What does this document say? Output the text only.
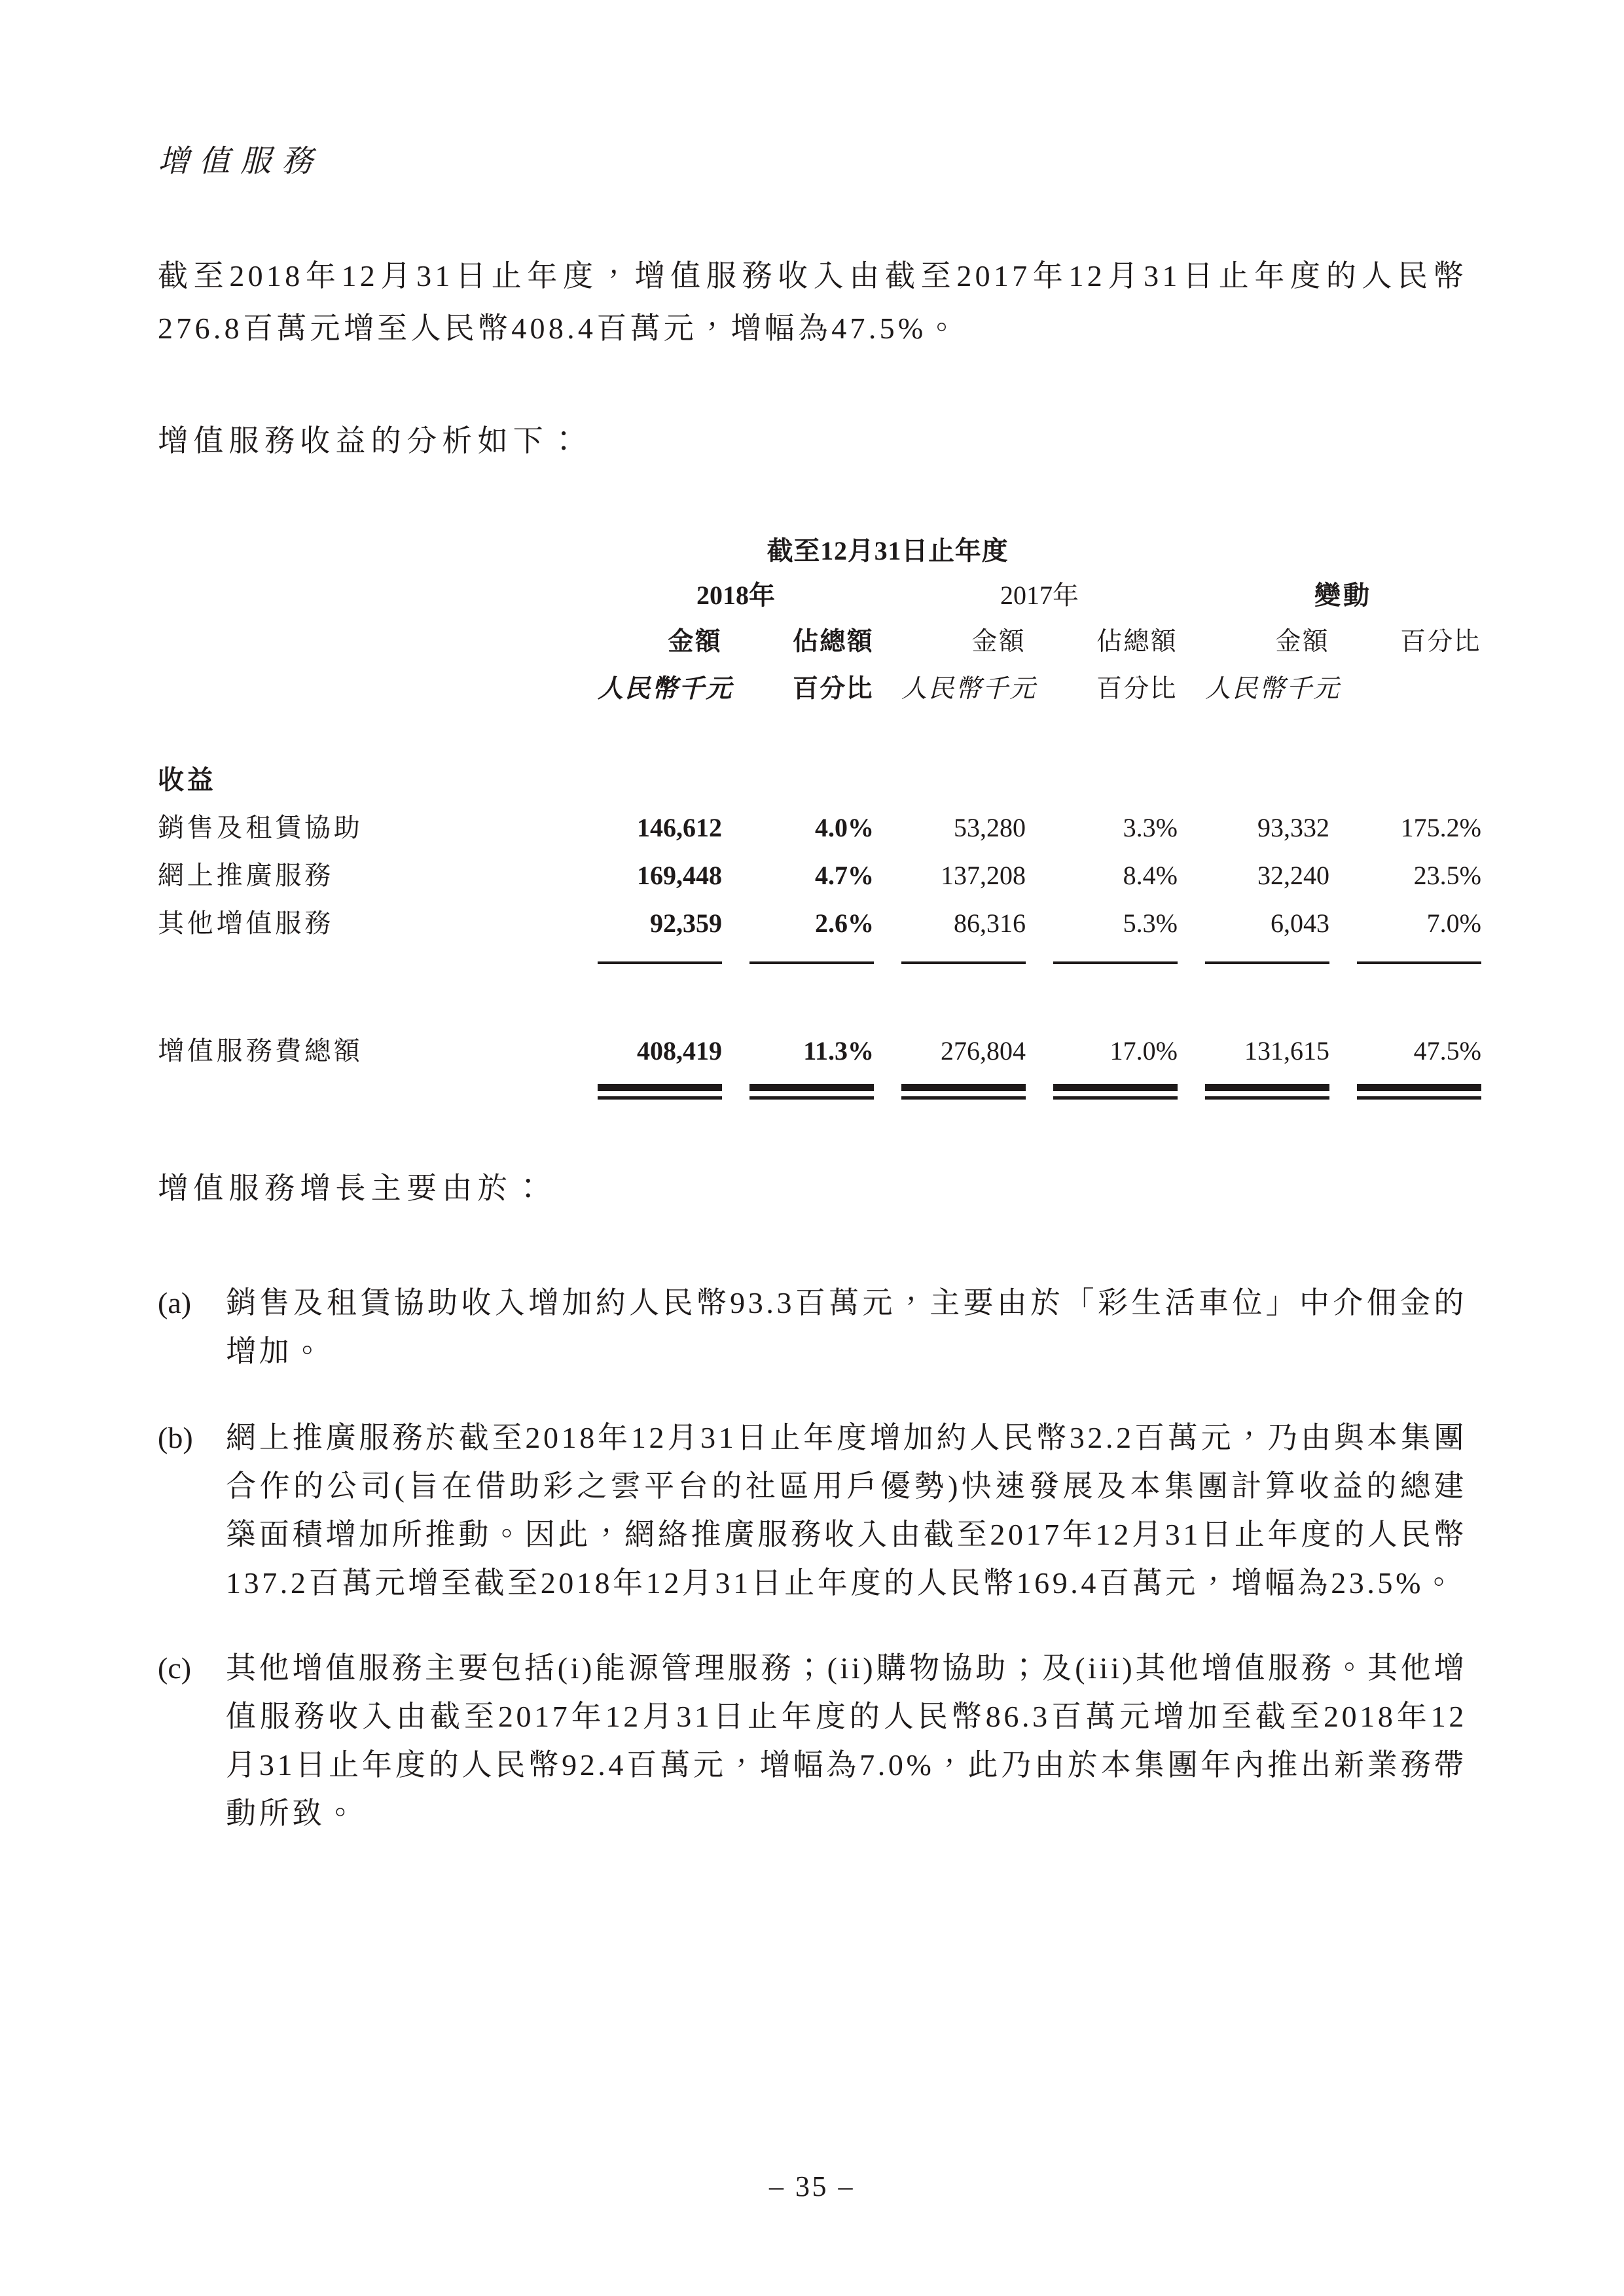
增值服務

截至2018年12月31日止年度，增值服務收入由截至2017年12月31日止年度的人民幣276.8百萬元增至人民幣408.4百萬元，增幅為47.5%。

增值服務收益的分析如下：

截至12月31日止年度
2018年	2017年	變動
金額	佔總額	金額	佔總額	金額	百分比
人民幣千元	百分比 人民幣千元	百分比 人民幣千元
收益
銷售及租賃協助	146,612	4.0%	53,280	3.3%	93,332	175.2%
網上推廣服務	169,448	4.7%	137,208	8.4%	32,240	23.5%
其他增值服務	92,359	2.6%	86,316	5.3%	6,043	7.0%
增值服務費總額	408,419	11.3%	276,804	17.0%	131,615	47.5%

增值服務增長主要由於：

(a)	銷售及租賃協助收入增加約人民幣93.3百萬元，主要由於「彩生活車位」中介佣金的增加。
(b)	網上推廣服務於截至2018年12月31日止年度增加約人民幣32.2百萬元，乃由與本集團合作的公司(旨在借助彩之雲平台的社區用戶優勢)快速發展及本集團計算收益的總建築面積增加所推動。因此，網絡推廣服務收入由截至2017年12月31日止年度的人民幣137.2百萬元增至截至2018年12月31日止年度的人民幣169.4百萬元，增幅為23.5%。
(c)	其他增值服務主要包括(i)能源管理服務；(ii)購物協助；及(iii)其他增值服務。其他增值服務收入由截至2017年12月31日止年度的人民幣86.3百萬元增加至截至2018年12月31日止年度的人民幣92.4百萬元，增幅為7.0%，此乃由於本集團年內推出新業務帶動所致。
– 35 –
